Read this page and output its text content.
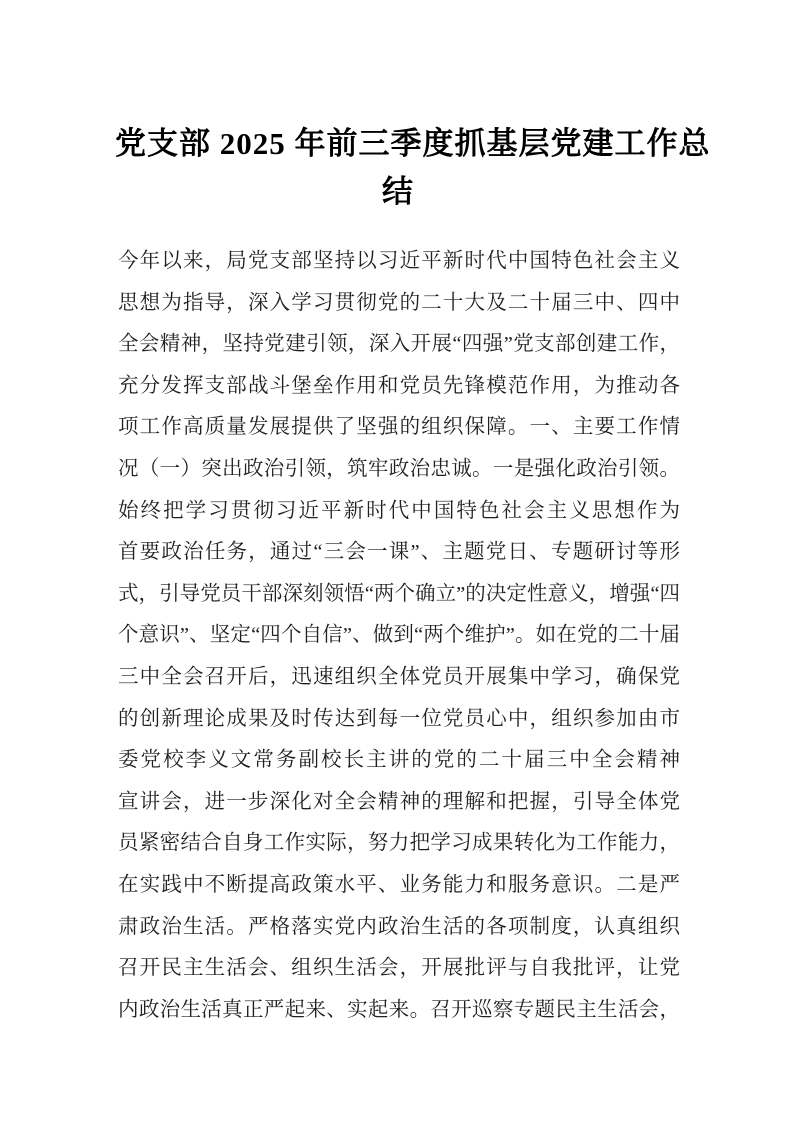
党支部 2025 年前三季度抓基层党建工作总
结
今年以来，局党支部坚持以习近平新时代中国特色社会主义
思想为指导，深入学习贯彻党的二十大及二十届三中、四中
全会精神，坚持党建引领，深入开展“四强”党支部创建工作，
充分发挥支部战斗堡垒作用和党员先锋模范作用，为推动各
项工作高质量发展提供了坚强的组织保障。一、主要工作情
况（一）突出政治引领，筑牢政治忠诚。一是强化政治引领。
始终把学习贯彻习近平新时代中国特色社会主义思想作为
首要政治任务，通过“三会一课”、主题党日、专题研讨等形
式，引导党员干部深刻领悟“两个确立”的决定性意义，增强“四
个意识”、坚定“四个自信”、做到“两个维护”。如在党的二十届
三中全会召开后，迅速组织全体党员开展集中学习，确保党
的创新理论成果及时传达到每一位党员心中，组织参加由市
委党校李义文常务副校长主讲的党的二十届三中全会精神
宣讲会，进一步深化对全会精神的理解和把握，引导全体党
员紧密结合自身工作实际，努力把学习成果转化为工作能力，
在实践中不断提高政策水平、业务能力和服务意识。二是严
肃政治生活。严格落实党内政治生活的各项制度，认真组织
召开民主生活会、组织生活会，开展批评与自我批评，让党
内政治生活真正严起来、实起来。召开巡察专题民主生活会，
